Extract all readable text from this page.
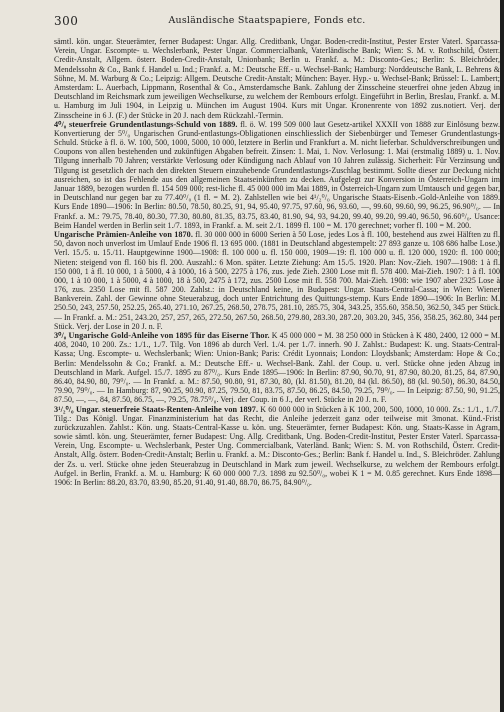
300	Ausländische Staatspapiere, Fonds etc.

sämtl. kön. ungar. Steuerämter, ferner Budapest: Ungar. Allg. Creditbank, Ungar. Boden-credit-Institut, Pester Erster Vaterl. Sparcassa-Verein, Ungar. Escompte- u. Wechslerbank, Pester Ungar. Commercialbank, Vaterländische Bank; Wien: S. M. v. Rothschild, Österr. Credit-Anstalt, Allgem. österr. Boden-Credit-Anstalt, Unionbank; Berlin u. Frankf. a. M.: Disconto-Ges.; Berlin: S. Bleichröder, Mendelssohn & Co., Bank f. Handel u. Ind.; Frankf. a. M.: Deutsche Eff.- u. Wechsel-Bank; Hamburg: Norddeutsche Bank, L. Behrens & Söhne, M. M. Warburg & Co.; Leipzig: Allgem. Deutsche Credit-Anstalt; München: Bayer. Hyp.- u. Wechsel-Bank; Brüssel: L. Lambert; Amsterdam: L. Auerbach, Lippmann, Rosenthal & Co., Amsterdamsche Bank. Zahlung der Zinsscheine steuerfrei ohne jeden Abzug in Deutschland im Reichsmark zum jeweiligen Wechselkurse, zu welchem der Rembours erfolgt. Eingeführt in Berlin, Breslau, Frankf. a. M. u. Hamburg im Juli 1904, in Leipzig u. München im August 1904. Kurs mit Ungar. Kronenrente von 1892 zus.notiert. Verj. der Zinsscheine in 6 J. (F.) der Stücke in 20 J. nach dem Rückzahl.-Termin.

4⁰/₀ steuerfreie Grundentlastungs-Schuld von 1889. fl. ö. W. 199 509 000 laut Gesetz-artikel XXXII von 1888 zur Einlösung bezw. Konvertierung der 5⁰/₀ Ungarischen Grund-entlastungs-Obligationen einschliesslich der Siebenbürger und Temeser Grundentlastungs-Schuld. Stücke à fl. ö. W. 100, 500, 1000, 5000, 10 000, letztere in Berlin und Frankfurt a. M. nicht lieferbar. Schuldverschreibungen und Coupons von allen bestehenden und zukünftigen Abgaben befreit. Zinsen: 1. Mai, 1. Nov. Verlosung: 1. Mai (erstmalig 1889) u. 1. Nov. Tilgung innerhalb 70 Jahren; verstärkte Verlosung oder Kündigung nach Ablauf von 10 Jahren zulässig. Sicherheit: Für Verzinsung und Tilgung ist gesetzlich der nach den direkten Steuern einzuhebende Grundentlastungs-Zuschlag bestimmt. Sollte dieser zur Deckung nicht ausreichen, so ist das Fehlende aus den allgemeinen Staatseinkünften zu decken. Aufgelegt zur Konversion in Österreich-Ungarn im Januar 1889, bezogen wurden fl. 154 509 000; rest-liche fl. 45 000 000 im Mai 1889, in Österreich-Ungarn zum Umtausch und gegen bar, in Deutschland nur gegen bar zu 77.40⁰/₀ (1 fl. = M. 2). Zahlstellen wie bei 4¹/₂⁰/₀ Ungarische Staats-Eisenb.-Gold-Anleihe von 1889. Kurs Ende 1890—1906: In Berlin: 80.50, 78.50, 80.25, 91, 94, 95.40, 97.75, 97.60, 96, 93.60, —, 99.60, 99.60, 99, 96.25, 96.90⁰/₀. — In Frankf. a. M.: 79.75, 78.40, 80.30, 77.30, 80.80, 81.35, 83.75, 83.40, 81.90, 94, 93, 94.20, 99.40, 99.20, 99.40, 96.50, 96.60⁰/₀. Usance: Beim Handel werden in Berlin seit 1./7. 1893, in Frankf. a. M. seit 2./1. 1899 fl. 100 = M. 170 gerechnet; vorher fl. 100 = M. 200.

Ungarische Prämien-Anleihe von 1870. fl. 30 000 000 in 6000 Serien à 50 Lose, jedes Los à fl. 100, bestehend aus zwei Hälften zu fl. 50, davon noch unverlost im Umlauf Ende 1906 fl. 13 695 000. (1881 in Deutschland abgestempelt: 27 893 ganze u. 108 686 halbe Lose.) Verl. 15./5. u. 15./11. Hauptgewinne 1900—1908: fl. 100 000 u. fl. 150 000, 1909—19: fl. 100 000 u. fl. 120 000, 1920: fl. 100 000; Nieten: steigend von fl. 160 bis fl. 200. Auszahl.: 6 Mon. später. Letzte Ziehung: Am 15./5. 1920. Plan: Nov.-Zieh. 1907—1908: 1 à fl. 150 000, 1 à fl. 10 000, 1 à 5000, 4 à 1000, 16 à 500, 2275 à 176, zus. jede Zieh. 2300 Lose mit fl. 578 400. Mai-Zieh. 1907: 1 à fl. 100 000, 1 à 10 000, 1 à 5000, 4 à 1000, 18 à 500, 2475 à 172, zus. 2500 Lose mit fl. 558 700. Mai-Zieh. 1908: wie 1907 aber 2325 Lose à 176, zus. 2350 Lose mit fl. 587 200. Zahlst.: in Deutschland keine, in Budapest: Ungar. Staats-Central-Cassa; in Wien: Wiener Bankverein. Zahl. der Gewinne ohne Steuerabzug, doch unter Entrichtung des Quittungs-stemp. Kurs Ende 1890—1906: In Berlin: M. 250.50, 243, 257.50, 252.25, 265.40, 271.10, 267.25, 268.50, 278.75, 281.10, 285.75, 304, 343.25, 355.60, 358.50, 362.50, 345 per Stück. — In Frankf. a. M.: 251, 243.20, 257, 257, 265, 272.50, 267.50, 268.50, 279.80, 283.30, 287.20, 303.20, 345, 356, 358.25, 362.80, 344 per Stück. Verj. der Lose in 20 J. n. F.

3⁰/₀ Ungarische Gold-Anleihe von 1895 für das Eiserne Thor. K 45 000 000 = M. 38 250 000 in Stücken à K 480, 2400, 12 000 = M. 408, 2040, 10 200. Zs.: 1./1., 1./7. Tilg. Von 1896 ab durch Verl. 1./4. per 1./7. innerh. 90 J. Zahlst.: Budapest: K. ung. Staats-Central-Kassa; Ung. Escompte- u. Wechslerbank; Wien: Union-Bank; Paris: Crédit Lyonnais; London: Lloydsbank; Amsterdam: Hope & Co.; Berlin: Mendelssohn & Co.; Frankf. a. M.: Deutsche Eff.- u. Wechsel-Bank. Zahl. der Coup. u. verl. Stücke ohne jeden Abzug in Deutschland in Mark. Aufgel. 15./7. 1895 zu 87⁰/₀. Kurs Ende 1895—1906: In Berlin: 87.90, 90.70, 91, 87.90, 80.20, 81.25, 84, 87.90, 86.40, 84.90, 80, 79⁰/₀. — In Frankf. a. M.: 87.50, 90.80, 91, 87.30, 80, (kl. 81.50), 81.20, 84 (kl. 86.50), 88 (kl. 90.50), 86.30, 84.50, 79.90, 79⁰/₀. — In Hamburg: 87, 90.25, 90.90, 87.25, 79.50, 81, 83.75, 87.50, 86.25, 84.50, 79.25, 79⁰/₀. — In Leipzig: 87.50, 90, 91.25, 87.50, —, —, 84, 87.50, 86.75, —, 79.25, 78.75⁰/₀. Verj. der Coup. in 6 J., der verl. Stücke in 20 J. n. F.

3¹/₂⁰/₀ Ungar. steuerfreie Staats-Renten-Anleihe von 1897. K 60 000 000 in Stücken à K 100, 200, 500, 1000, 10 000. Zs.: 1./1., 1./7. Tilg.: Das Königl. Ungar. Finanzministerium hat das Recht, die Anleihe jederzeit ganz oder teilweise mit 3monat. Künd.-Frist zurückzuzahlen. Zahlst.: Kön. ung. Staats-Central-Kasse u. kön. ung. Steuerämter, ferner Budapest: Kön. ung. Staats-Kasse in Agram, sowie sämtl. kön. ung. Steuerämter, ferner Budapest: Ung. Allg. Creditbank, Ung. Boden-Credit-Institut, Pester Erster Vaterl. Sparcassa-Verein, Ung. Escompte- u. Wechslerbank, Pester Ung. Commercialbank, Vaterländ. Bank; Wien: S. M. von Rothschild, Österr. Credit-Anstalt, Allg. österr. Boden-Credit-Anstalt; Berlin u. Frankf. a. M.: Disconto-Ges.; Berlin: Bank f. Handel u. Ind., S. Bleichröder. Zahlung der Zs. u. verl. Stücke ohne jeden Steuerabzug in Deutschland in Mark zum jeweil. Wechselkurse, zu welchem der Rembours erfolgt. Aufgel. in Berlin, Frankf. a. M. u. Hamburg: K 60 000 000 7./3. 1898 zu 92.50⁰/₀, wobei K 1 = M. 0.85 gerechnet. Kurs Ende 1898—1906: In Berlin: 88.20, 83.70, 83.90, 85.20, 91.40, 91.40, 88.70, 86.75, 84.90⁰/₀.
